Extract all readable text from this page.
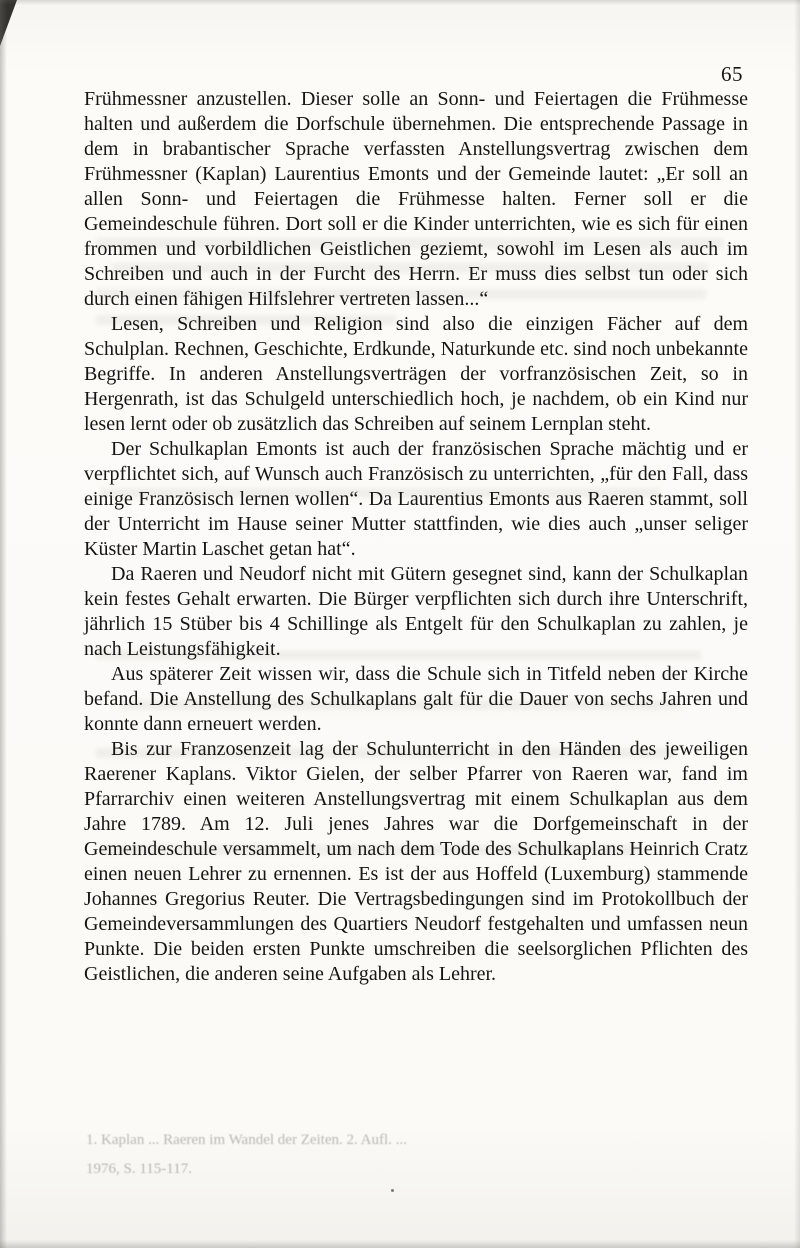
65

Frühmessner anzustellen. Dieser solle an Sonn- und Feiertagen die Frühmesse halten und außerdem die Dorfschule übernehmen. Die entsprechende Passage in dem in brabantischer Sprache verfassten Anstellungsvertrag zwischen dem Frühmessner (Kaplan) Laurentius Emonts und der Gemeinde lautet: „Er soll an allen Sonn- und Feiertagen die Frühmesse halten. Ferner soll er die Gemeindeschule führen. Dort soll er die Kinder unterrichten, wie es sich für einen frommen und vorbildlichen Geistlichen geziemt, sowohl im Lesen als auch im Schreiben und auch in der Furcht des Herrn. Er muss dies selbst tun oder sich durch einen fähigen Hilfslehrer vertreten lassen...“

Lesen, Schreiben und Religion sind also die einzigen Fächer auf dem Schulplan. Rechnen, Geschichte, Erdkunde, Naturkunde etc. sind noch unbekannte Begriffe. In anderen Anstellungsverträgen der vorfranzösischen Zeit, so in Hergenrath, ist das Schulgeld unterschiedlich hoch, je nachdem, ob ein Kind nur lesen lernt oder ob zusätzlich das Schreiben auf seinem Lernplan steht.

Der Schulkaplan Emonts ist auch der französischen Sprache mächtig und er verpflichtet sich, auf Wunsch auch Französisch zu unterrichten, „für den Fall, dass einige Französisch lernen wollen“. Da Laurentius Emonts aus Raeren stammt, soll der Unterricht im Hause seiner Mutter stattfinden, wie dies auch „unser seliger Küster Martin Laschet getan hat“.

Da Raeren und Neudorf nicht mit Gütern gesegnet sind, kann der Schulkaplan kein festes Gehalt erwarten. Die Bürger verpflichten sich durch ihre Unterschrift, jährlich 15 Stüber bis 4 Schillinge als Entgelt für den Schulkaplan zu zahlen, je nach Leistungsfähigkeit.

Aus späterer Zeit wissen wir, dass die Schule sich in Titfeld neben der Kirche befand. Die Anstellung des Schulkaplans galt für die Dauer von sechs Jahren und konnte dann erneuert werden.

Bis zur Franzosenzeit lag der Schulunterricht in den Händen des jeweiligen Raerener Kaplans. Viktor Gielen, der selber Pfarrer von Raeren war, fand im Pfarrarchiv einen weiteren Anstellungsvertrag mit einem Schulkaplan aus dem Jahre 1789. Am 12. Juli jenes Jahres war die Dorfgemeinschaft in der Gemeindeschule versammelt, um nach dem Tode des Schulkaplans Heinrich Cratz einen neuen Lehrer zu ernennen. Es ist der aus Hoffeld (Luxemburg) stammende Johannes Gregorius Reuter. Die Vertragsbedingungen sind im Protokollbuch der Gemeindeversammlungen des Quartiers Neudorf festgehalten und umfassen neun Punkte. Die beiden ersten Punkte umschreiben die seelsorglichen Pflichten des Geistlichen, die anderen seine Aufgaben als Lehrer.

1. Kaplan ... Raeren im Wandel der Zeiten. 2. Aufl. ...
1976, S. 115-117.
